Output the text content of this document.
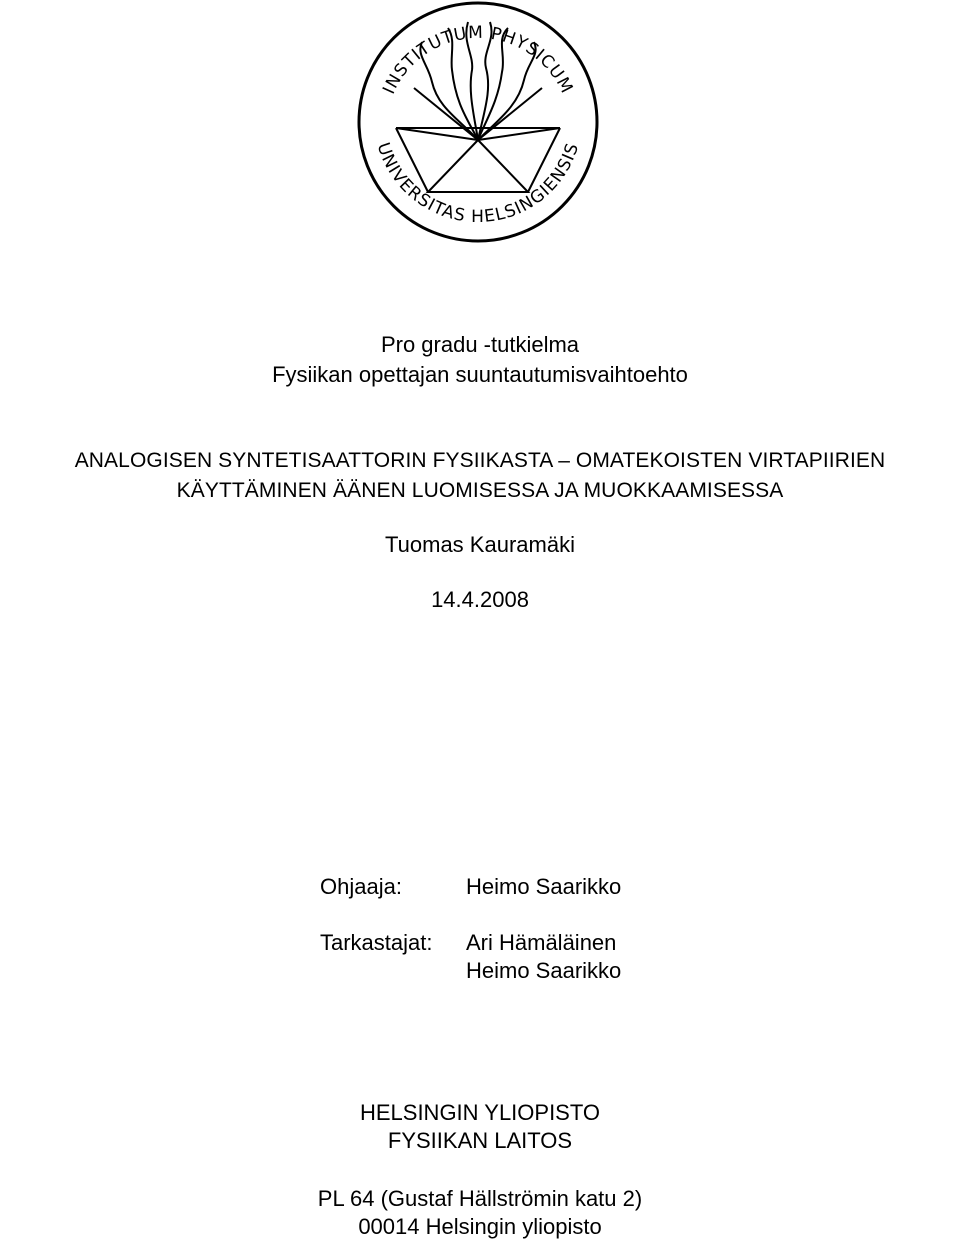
INSTITUTUM PHYSICUM
UNIVERSITAS HELSINGIENSIS
Pro gradu -tutkielma
Fysiikan opettajan suuntautumisvaihtoehto
ANALOGISEN SYNTETISAATTORIN FYSIIKASTA – OMATEKOISTEN VIRTAPIIRIEN
KÄYTTÄMINEN ÄÄNEN LUOMISESSA JA MUOKKAAMISESSA
Tuomas Kauramäki
14.4.2008
Ohjaaja:	Heimo Saarikko
Tarkastajat: Ari Hämäläinen
Heimo Saarikko
HELSINGIN YLIOPISTO
FYSIIKAN LAITOS
PL 64 (Gustaf Hällströmin katu 2)
00014 Helsingin yliopisto
